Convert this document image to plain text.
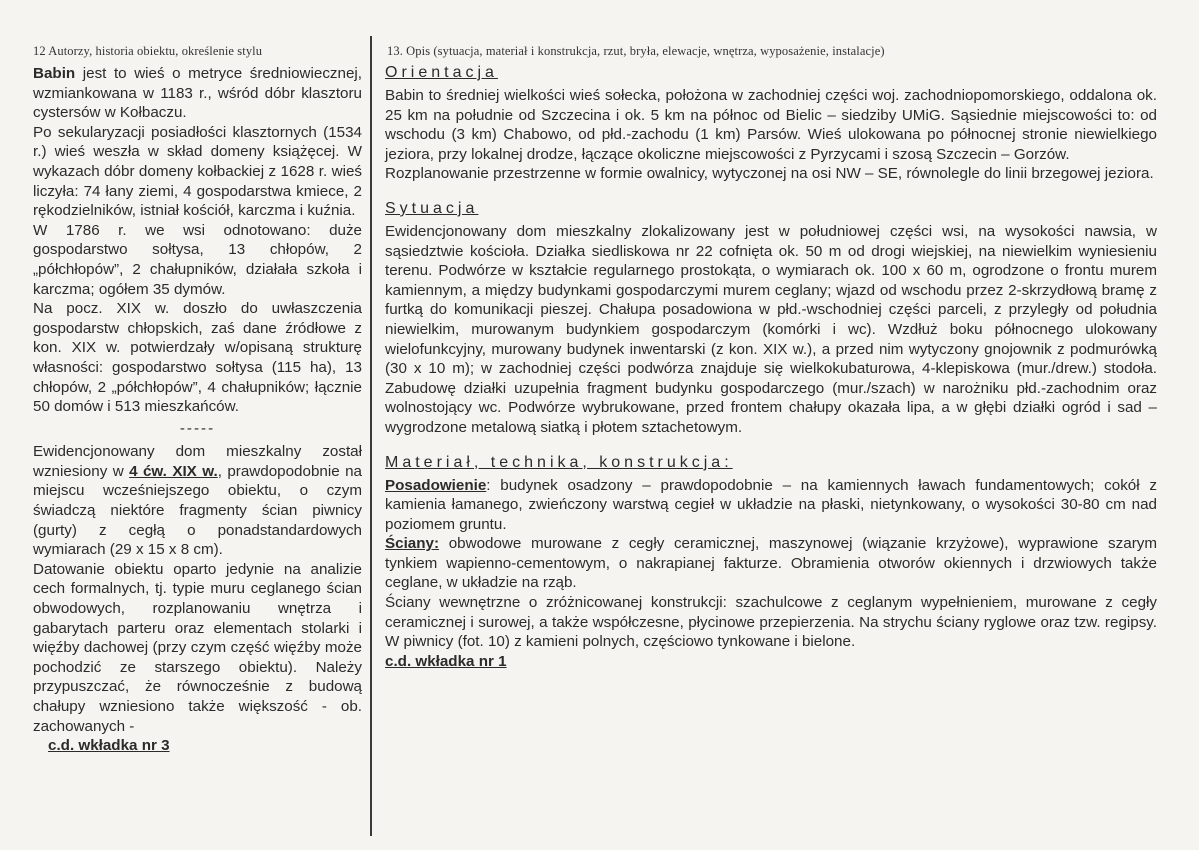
12 Autorzy, historia obiektu, określenie stylu

Babin jest to wieś o metryce średniowiecznej, wzmiankowana w 1183 r., wśród dóbr klasztoru cystersów w Kołbaczu.

Po sekularyzacji posiadłości klasztornych (1534 r.) wieś weszła w skład domeny książęcej. W wykazach dóbr domeny kołbackiej z 1628 r. wieś liczyła: 74 łany ziemi, 4 gospodarstwa kmiece, 2 rękodzielników, istniał kościół, karczma i kuźnia.

W 1786 r. we wsi odnotowano: duże gospodarstwo sołtysa, 13 chłopów, 2 „półchłopów”, 2 chałupników, działała szkoła i karczma; ogółem 35 dymów.

Na pocz. XIX w. doszło do uwłaszczenia gospodarstw chłopskich, zaś dane źródłowe z kon. XIX w. potwierdzały w/opisaną strukturę własności: gospodarstwo sołtysa (115 ha), 13 chłopów, 2 „półchłopów”, 4 chałupników; łącznie 50 domów i 513 mieszkańców.

-----

Ewidencjonowany dom mieszkalny został wzniesiony w 4 ćw. XIX w., prawdopodobnie na miejscu wcześniejszego obiektu, o czym świadczą niektóre fragmenty ścian piwnicy (gurty) z cegłą o ponadstandardowych wymiarach (29 x 15 x 8 cm).

Datowanie obiektu oparto jedynie na analizie cech formalnych, tj. typie muru ceglanego ścian obwodowych, rozplanowaniu wnętrza i gabarytach parteru oraz elementach stolarki i więźby dachowej (przy czym część więźby może pochodzić ze starszego obiektu). Należy przypuszczać, że równocześnie z budową chałupy wzniesiono także większość - ob. zachowanych -

c.d. wkładka nr 3

13. Opis (sytuacja, materiał i konstrukcja, rzut, bryła, elewacje, wnętrza, wyposażenie, instalacje)
Orientacja

Babin to średniej wielkości wieś sołecka, położona w zachodniej części woj. zachodniopomorskiego, oddalona ok. 25 km na południe od Szczecina i ok. 5 km na północ od Bielic – siedziby UMiG. Sąsiednie miejscowości to: od wschodu (3 km) Chabowo, od płd.-zachodu (1 km) Parsów. Wieś ulokowana po północnej stronie niewielkiego jeziora, przy lokalnej drodze, łączące okoliczne miejscowości z Pyrzycami i szosą Szczecin – Gorzów.

Rozplanowanie przestrzenne w formie owalnicy, wytyczonej na osi NW – SE, równolegle do linii brzegowej jeziora.

Sytuacja

Ewidencjonowany dom mieszkalny zlokalizowany jest w południowej części wsi, na wysokości nawsia, w sąsiedztwie kościoła. Działka siedliskowa nr 22 cofnięta ok. 50 m od drogi wiejskiej, na niewielkim wyniesieniu terenu. Podwórze w kształcie regularnego prostokąta, o wymiarach ok. 100 x 60 m, ogrodzone o frontu murem kamiennym, a między budynkami gospodarczymi murem ceglany; wjazd od wschodu przez 2-skrzydłową bramę z furtką do komunikacji pieszej. Chałupa posadowiona w płd.-wschodniej części parceli, z przyległy od południa niewielkim, murowanym budynkiem gospodarczym (komórki i wc). Wzdłuż boku północnego ulokowany wielofunkcyjny, murowany budynek inwentarski (z kon. XIX w.), a przed nim wytyczony gnojownik z podmurówką (30 x 10 m); w zachodniej części podwórza znajduje się wielkokubaturowa, 4-klepiskowa (mur./drew.) stodoła. Zabudowę działki uzupełnia fragment budynku gospodarczego (mur./szach) w narożniku płd.-zachodnim oraz wolnostojący wc. Podwórze wybrukowane, przed frontem chałupy okazała lipa, a w głębi działki ogród i sad – wygrodzone metalową siatką i płotem sztachetowym.

Materiał, technika, konstrukcja:

Posadowienie: budynek osadzony – prawdopodobnie – na kamiennych ławach fundamentowych; cokół z kamienia łamanego, zwieńczony warstwą cegieł w układzie na płaski, nietynkowany, o wysokości 30-80 cm nad poziomem gruntu.

Ściany: obwodowe murowane z cegły ceramicznej, maszynowej (wiązanie krzyżowe), wyprawione szarym tynkiem wapienno-cementowym, o nakrapianej fakturze. Obramienia otworów okiennych i drzwiowych także ceglane, w układzie na rząb.

Ściany wewnętrzne o zróżnicowanej konstrukcji: szachulcowe z ceglanym wypełnieniem, murowane z cegły ceramicznej i surowej, a także współczesne, płycinowe przepierzenia. Na strychu ściany ryglowe oraz tzw. regipsy. W piwnicy (fot. 10) z kamieni polnych, częściowo tynkowane i bielone.

c.d. wkładka nr 1
